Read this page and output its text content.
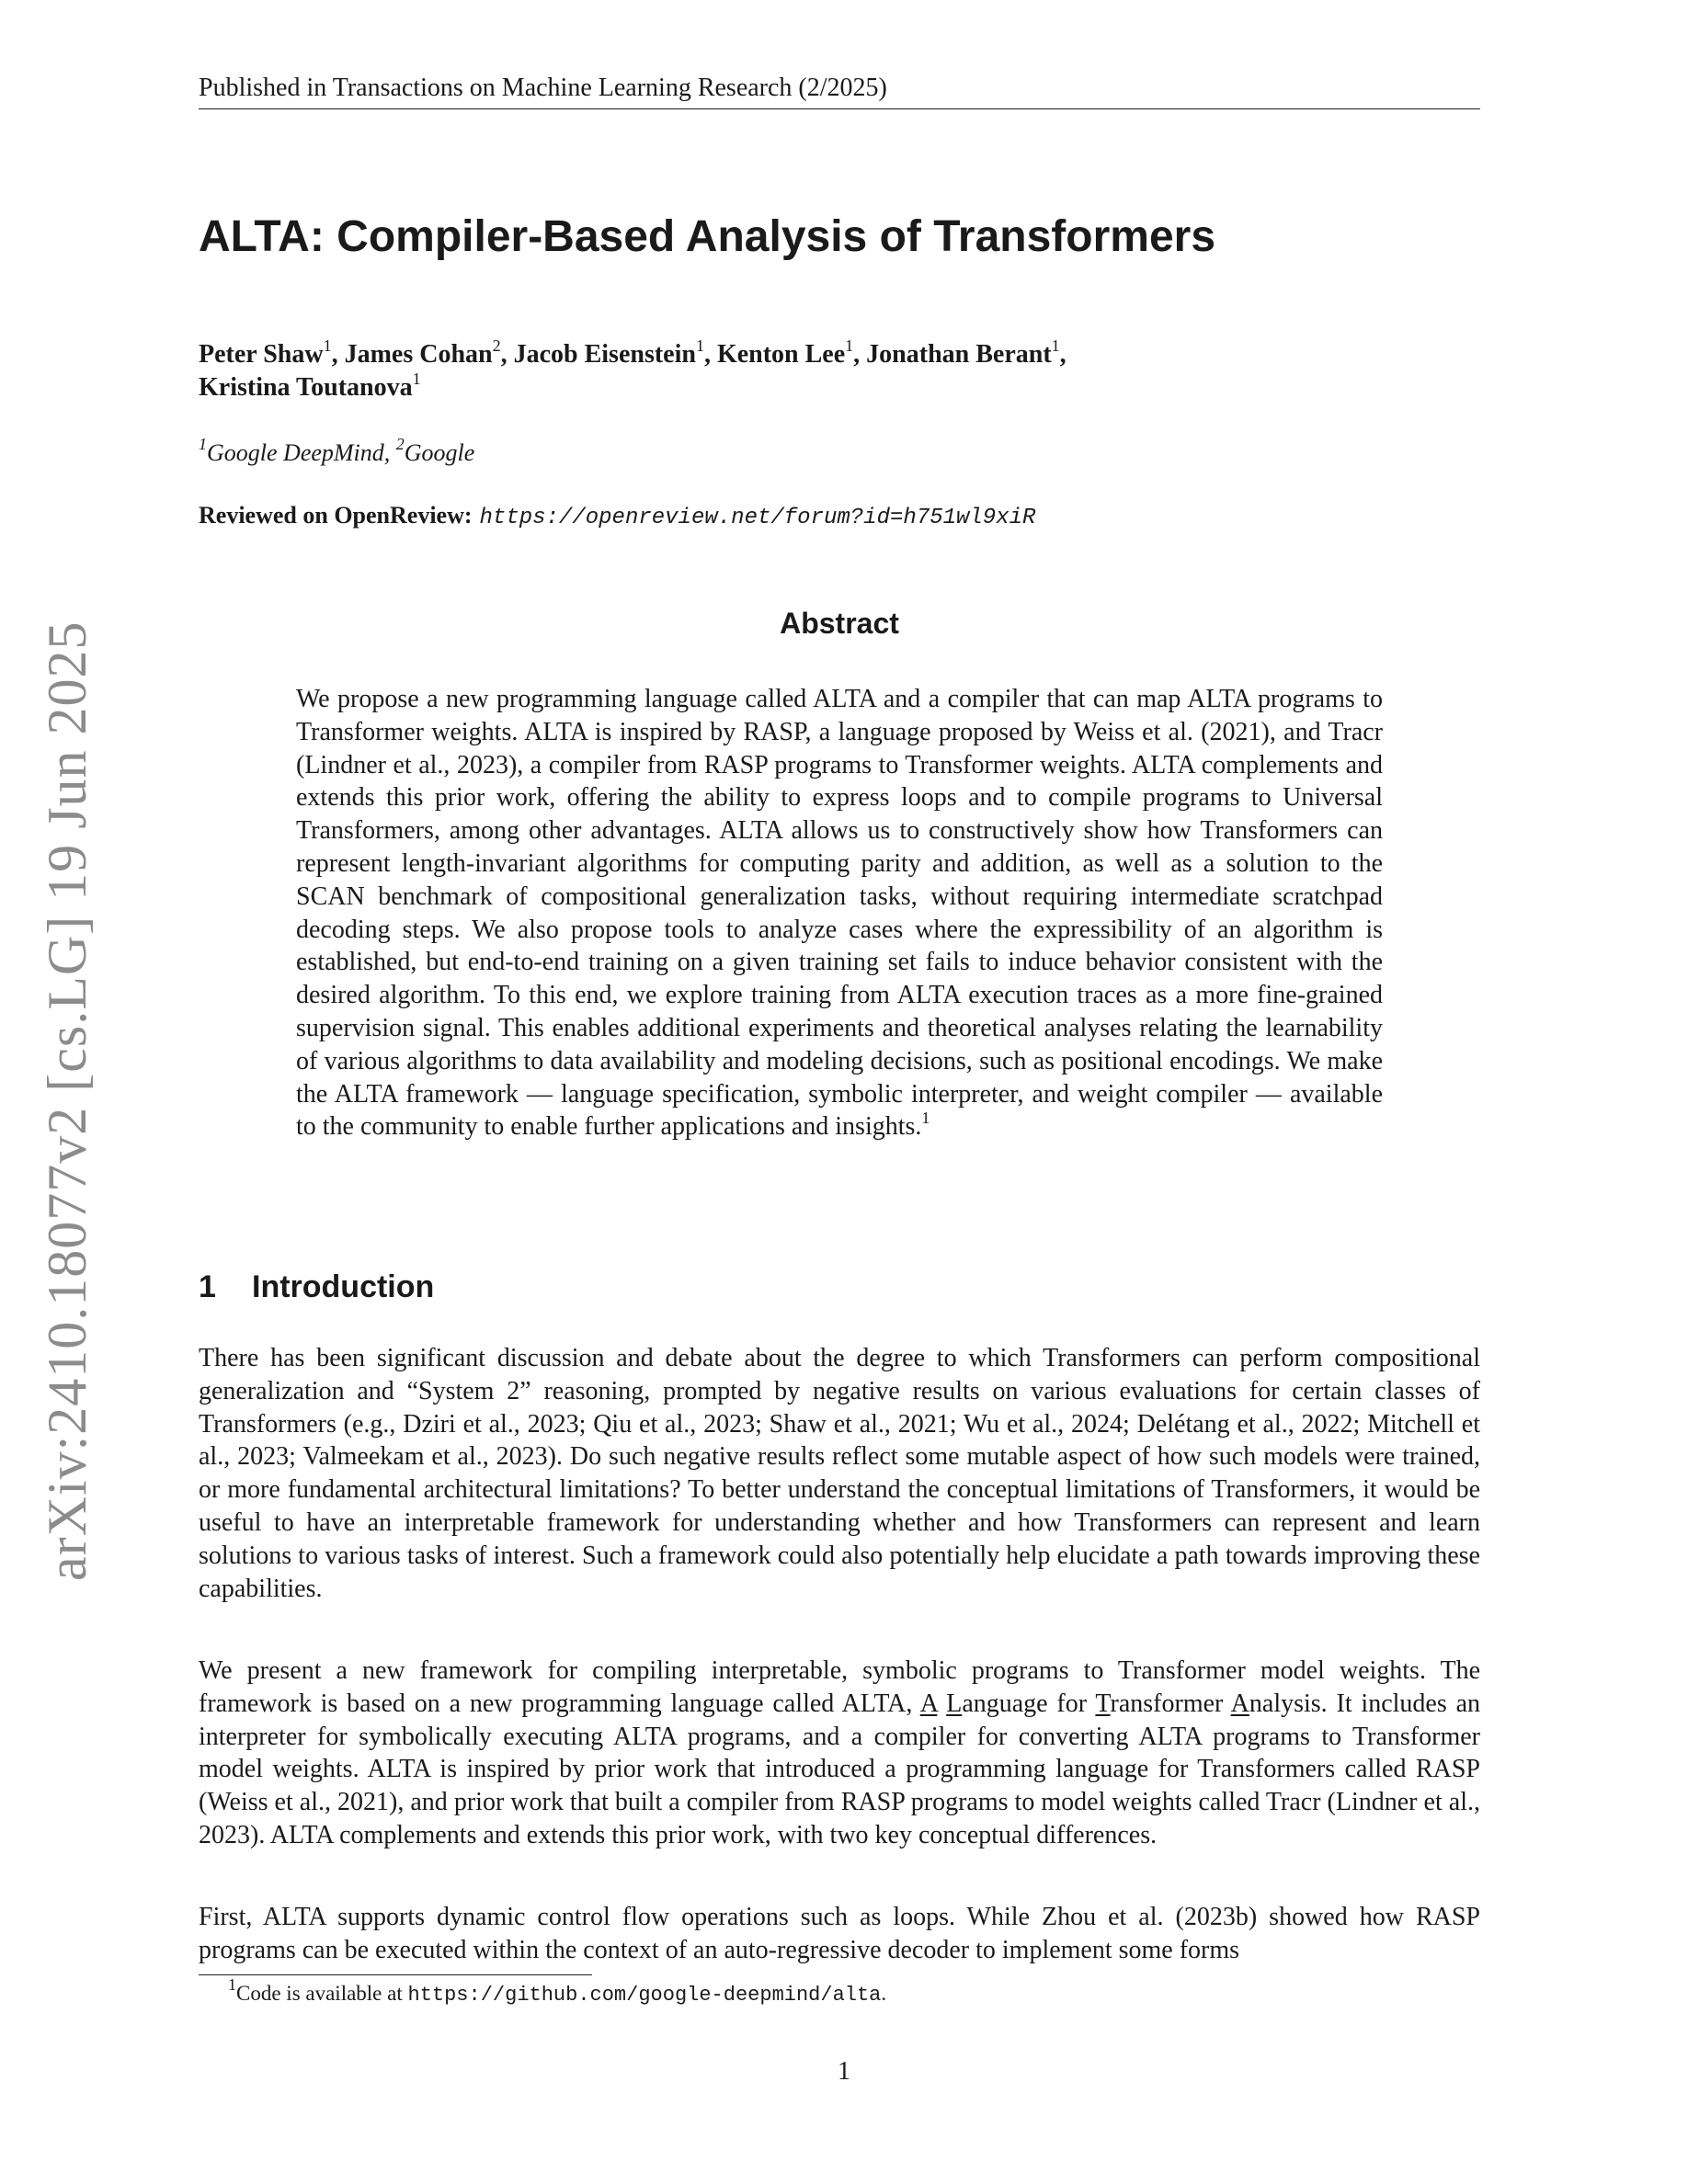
arXiv:2410.18077v2 [cs.LG] 19 Jun 2025
Published in Transactions on Machine Learning Research (2/2025)
ALTA: Compiler-Based Analysis of Transformers
Peter Shaw$^1$, James Cohan$^2$, Jacob Eisenstein$^1$, Kenton Lee$^1$, Jonathan Berant$^1$,
Kristina Toutanova$^1$
$^1$Google DeepMind, $^2$Google
Reviewed on OpenReview: https://openreview.net/forum?id=h751wl9xiR
Abstract

We propose a new programming language called ALTA and a compiler that can map ALTA programs to Transformer weights. ALTA is inspired by RASP, a language proposed by Weiss et al. (2021), and Tracr (Lindner et al., 2023), a compiler from RASP programs to Transformer weights. ALTA complements and extends this prior work, offering the ability to express loops and to compile programs to Universal Transformers, among other advantages. ALTA allows us to constructively show how Transformers can represent length-invariant algorithms for computing parity and addition, as well as a solution to the SCAN benchmark of compositional generalization tasks, without requiring intermediate scratchpad decoding steps. We also propose tools to analyze cases where the expressibility of an algorithm is established, but end-to-end training on a given training set fails to induce behavior consistent with the desired algorithm. To this end, we explore training from ALTA execution traces as a more fine-grained supervision signal. This enables additional experiments and theoretical analyses relating the learnability of various algorithms to data availability and modeling decisions, such as positional encodings. We make the ALTA framework — language specification, symbolic interpreter, and weight compiler — available to the community to enable further applications and insights.$^1$

1 Introduction

There has been significant discussion and debate about the degree to which Transformers can perform compositional generalization and “System 2” reasoning, prompted by negative results on various evaluations for certain classes of Transformers (e.g., Dziri et al., 2023; Qiu et al., 2023; Shaw et al., 2021; Wu et al., 2024; Delétang et al., 2022; Mitchell et al., 2023; Valmeekam et al., 2023). Do such negative results reflect some mutable aspect of how such models were trained, or more fundamental architectural limitations? To better understand the conceptual limitations of Transformers, it would be useful to have an interpretable framework for understanding whether and how Transformers can represent and learn solutions to various tasks of interest. Such a framework could also potentially help elucidate a path towards improving these capabilities.

We present a new framework for compiling interpretable, symbolic programs to Transformer model weights. The framework is based on a new programming language called ALTA, A Language for Transformer Analysis. It includes an interpreter for symbolically executing ALTA programs, and a compiler for converting ALTA programs to Transformer model weights. ALTA is inspired by prior work that introduced a programming language for Transformers called RASP (Weiss et al., 2021), and prior work that built a compiler from RASP programs to model weights called Tracr (Lindner et al., 2023). ALTA complements and extends this prior work, with two key conceptual differences.

First, ALTA supports dynamic control flow operations such as loops. While Zhou et al. (2023b) showed how RASP programs can be executed within the context of an auto-regressive decoder to implement some forms

$^1$Code is available at https://github.com/google-deepmind/alta.
1
